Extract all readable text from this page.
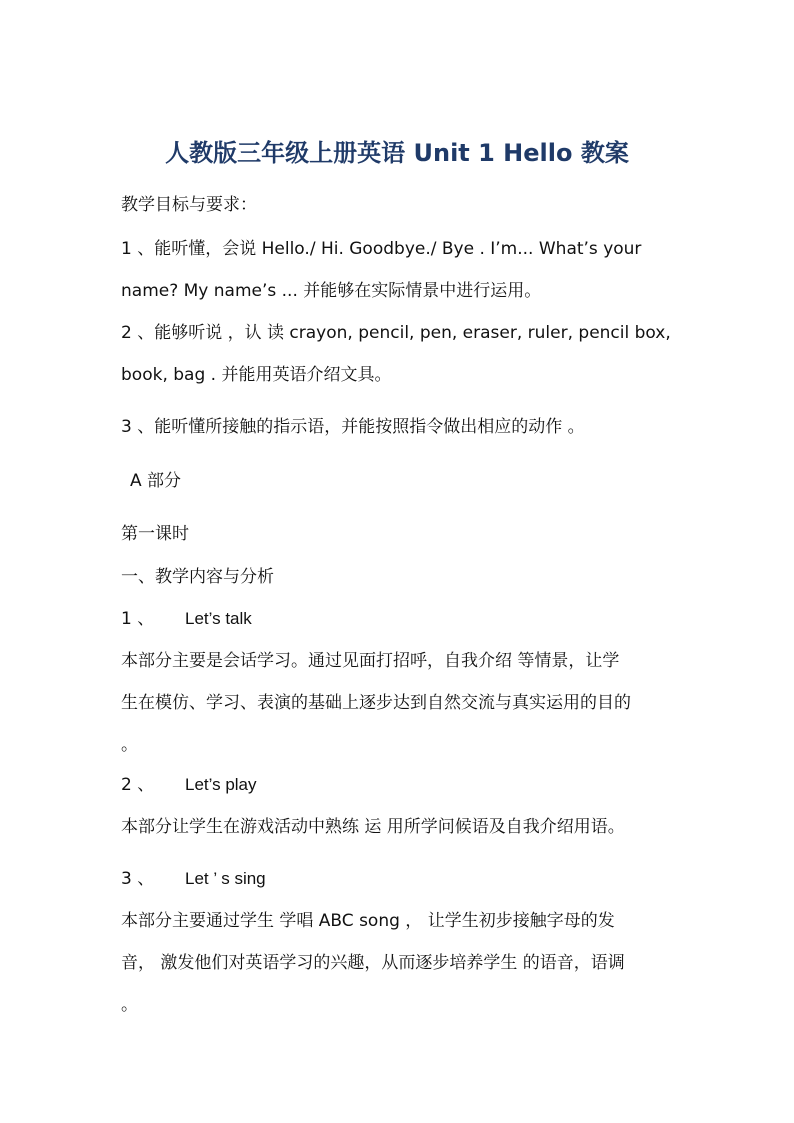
人教版三年级上册英语 Unit 1 Hello 教案
教学目标与要求：
1 、能听懂，会说 Hello./ Hi. Goodbye./ Bye . I’m... What’s your
name? My name’s ... 并能够在实际情景中进行运用。
2 、能够听说 ，认 读 crayon, pencil, pen, eraser, ruler, pencil box,
book, bag . 并能用英语介绍文具。
3 、能听懂所接触的指示语，并能按照指令做出相应的动作 。
A 部分
第一课时
一、教学内容与分析
1 、 Let’s talk
本部分主要是会话学习。通过见面打招呼，自我介绍 等情景，让学
生在模仿、学习、表演的基础上逐步达到自然交流与真实运用的目的
。
2 、 Let’s play
本部分让学生在游戏活动中熟练 运 用所学问候语及自我介绍用语。
3 、 Let ’ s sing
本部分主要通过学生 学唱 ABC song ， 让学生初步接触字母的发
音， 激发他们对英语学习的兴趣，从而逐步培养学生 的语音，语调
。
